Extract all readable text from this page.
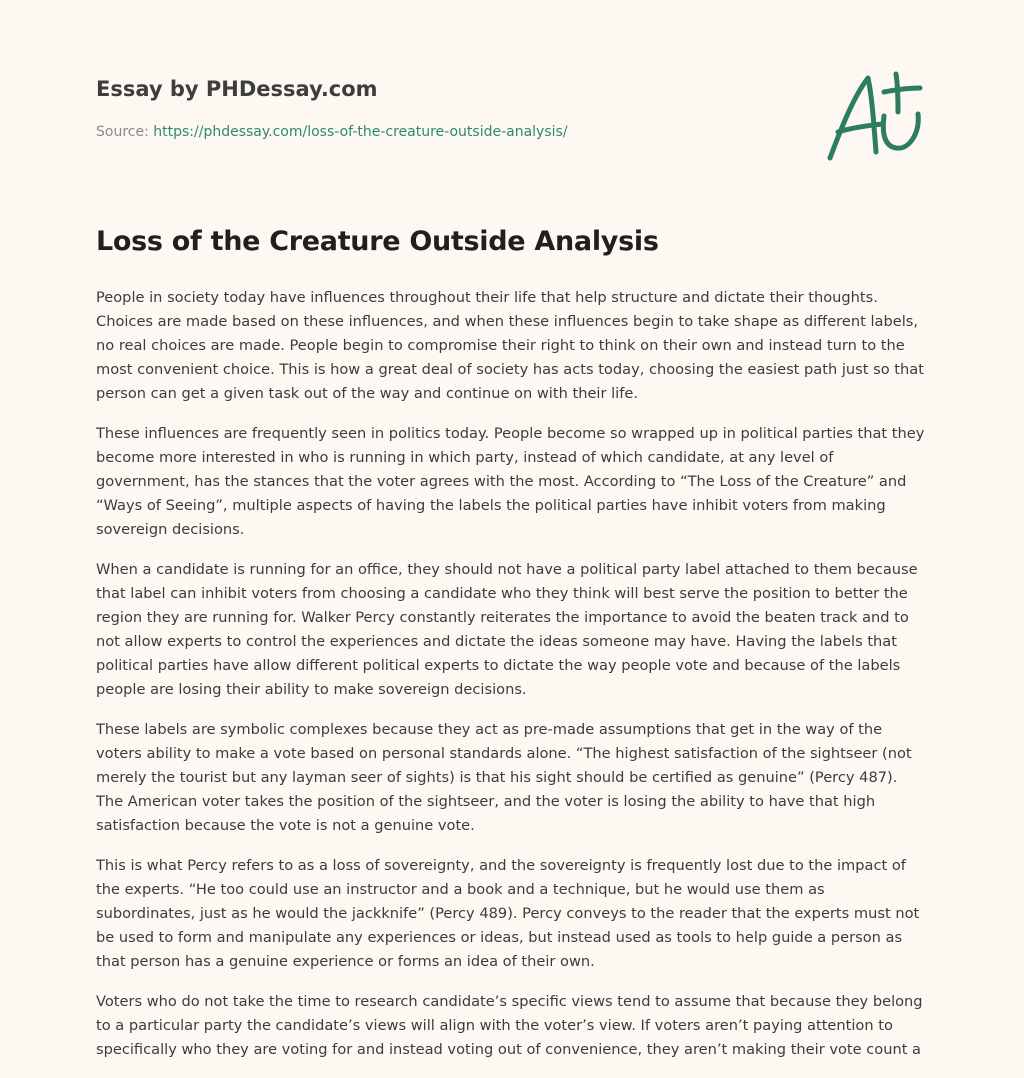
Essay by PHDessay.com
Source: https://phdessay.com/loss-of-the-creature-outside-analysis/
Loss of the Creature Outside Analysis

People in society today have influences throughout their life that help structure and dictate their thoughts. Choices are made based on these influences, and when these influences begin to take shape as different labels, no real choices are made. People begin to compromise their right to think on their own and instead turn to the most convenient choice. This is how a great deal of society has acts today, choosing the easiest path just so that person can get a given task out of the way and continue on with their life.

These influences are frequently seen in politics today. People become so wrapped up in political parties that they become more interested in who is running in which party, instead of which candidate, at any level of government, has the stances that the voter agrees with the most. According to “The Loss of the Creature” and “Ways of Seeing”, multiple aspects of having the labels the political parties have inhibit voters from making sovereign decisions.

When a candidate is running for an office, they should not have a political party label attached to them because that label can inhibit voters from choosing a candidate who they think will best serve the position to better the region they are running for. Walker Percy constantly reiterates the importance to avoid the beaten track and to not allow experts to control the experiences and dictate the ideas someone may have. Having the labels that political parties have allow different political experts to dictate the way people vote and because of the labels people are losing their ability to make sovereign decisions.

These labels are symbolic complexes because they act as pre-made assumptions that get in the way of the voters ability to make a vote based on personal standards alone. “The highest satisfaction of the sightseer (not merely the tourist but any layman seer of sights) is that his sight should be certified as genuine” (Percy 487). The American voter takes the position of the sightseer, and the voter is losing the ability to have that high satisfaction because the vote is not a genuine vote.

This is what Percy refers to as a loss of sovereignty, and the sovereignty is frequently lost due to the impact of the experts. “He too could use an instructor and a book and a technique, but he would use them as subordinates, just as he would the jackknife” (Percy 489). Percy conveys to the reader that the experts must not be used to form and manipulate any experiences or ideas, but instead used as tools to help guide a person as that person has a genuine experience or forms an idea of their own.

Voters who do not take the time to research candidate’s specific views tend to assume that because they belong to a particular party the candidate’s views will align with the voter’s view. If voters aren’t paying attention to specifically who they are voting for and instead voting out of convenience, they aren’t making their vote count a
